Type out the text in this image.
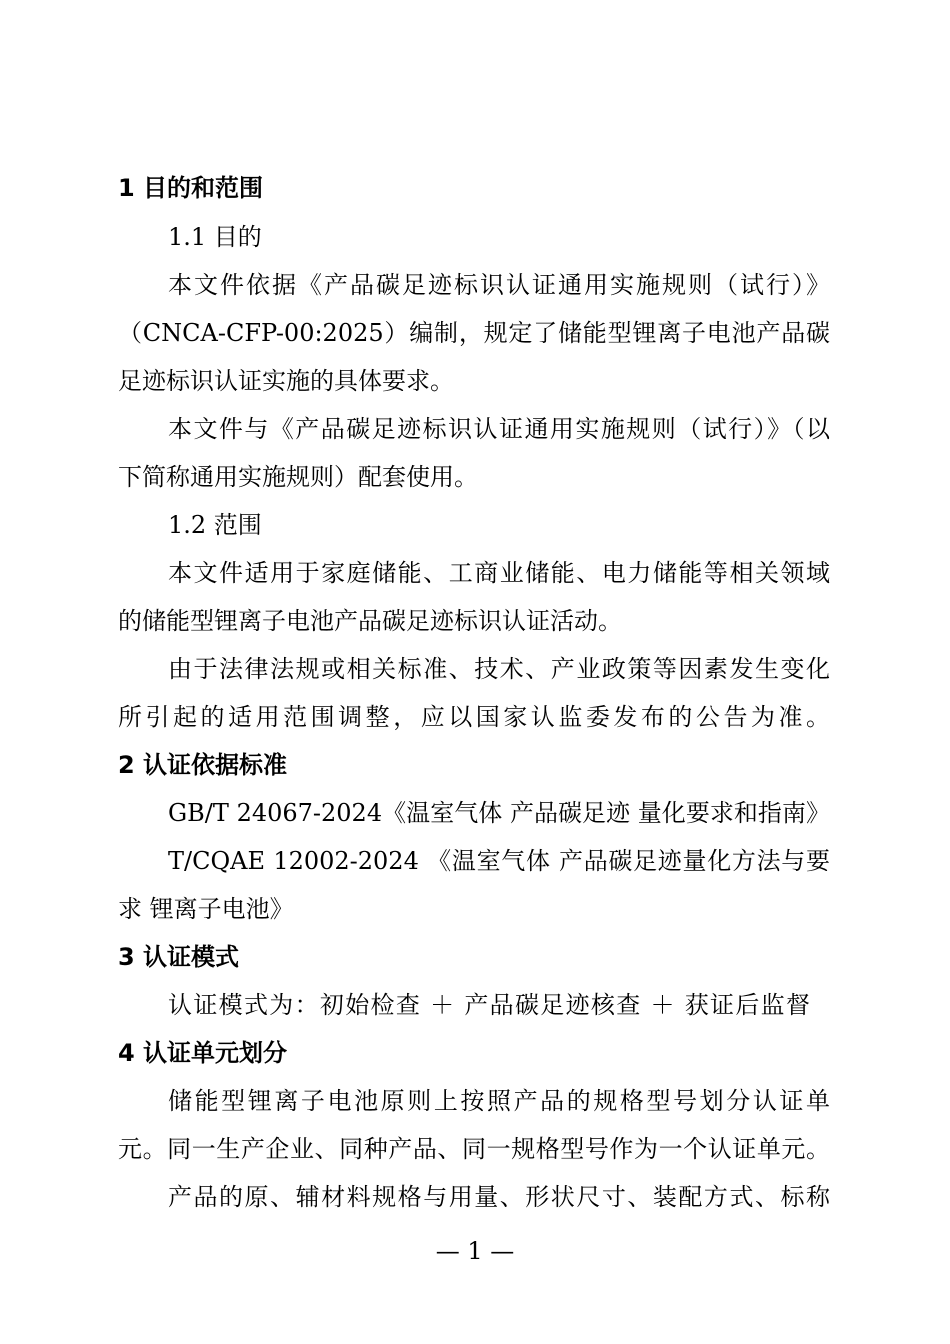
1 目的和范围
1.1 目的
本文件依据《产品碳足迹标识认证通用实施规则（试行）》
（CNCA-CFP-00:2025）编制，规定了储能型锂离子电池产品碳
足迹标识认证实施的具体要求。
本文件与《产品碳足迹标识认证通用实施规则（试行）》（以
下简称通用实施规则）配套使用。
1.2 范围
本文件适用于家庭储能、工商业储能、电力储能等相关领域
的储能型锂离子电池产品碳足迹标识认证活动。
由于法律法规或相关标准、技术、产业政策等因素发生变化
所引起的适用范围调整，应以国家认监委发布的公告为准。
2 认证依据标准
GB/T 24067-2024《温室气体 产品碳足迹 量化要求和指南》
T/CQAE 12002-2024 《温室气体 产品碳足迹量化方法与要
求 锂离子电池》
3 认证模式
认证模式为：初始检查 ＋ 产品碳足迹核查 ＋ 获证后监督
4 认证单元划分
储能型锂离子电池原则上按照产品的规格型号划分认证单
元。同一生产企业、同种产品、同一规格型号作为一个认证单元。
产品的原、辅材料规格与用量、形状尺寸、装配方式、标称
— 1 —
